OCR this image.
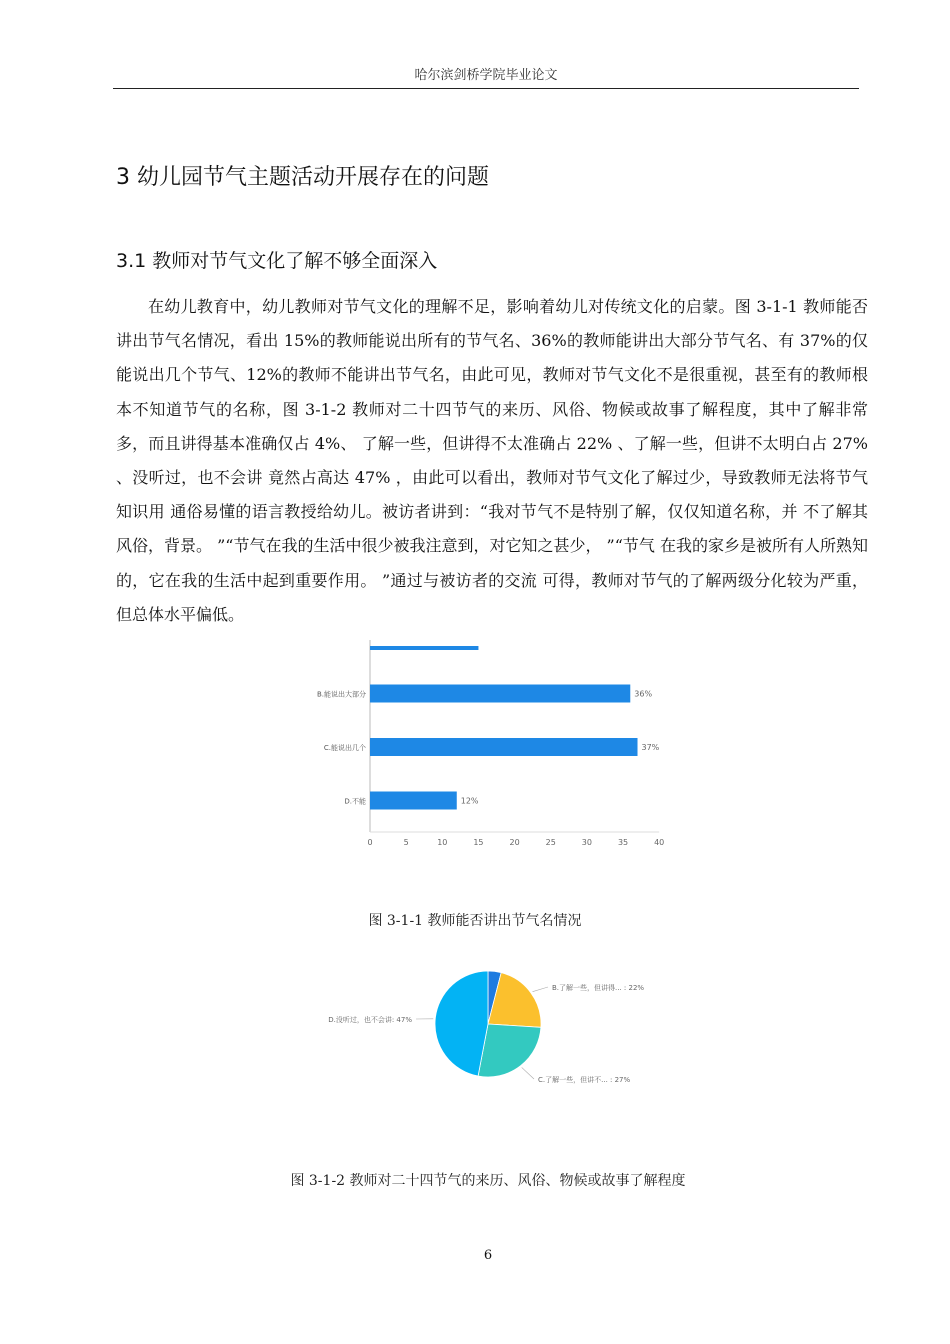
哈尔滨剑桥学院毕业论文
3 幼儿园节气主题活动开展存在的问题
3.1 教师对节气文化了解不够全面深入

在幼儿教育中，幼儿教师对节气文化的理解不足，影响着幼儿对传统文化的启蒙。图 3-1-1 教师能否讲出节气名情况，看出 15%的教师能说出所有的节气名、36%的教师能讲出大部分节气名、有 37%的仅能说出几个节气、12%的教师不能讲出节气名，由此可见，教师对节气文化不是很重视，甚至有的教师根本不知道节气的名称，图 3-1-2 教师对二十四节气的来历、风俗、物候或故事了解程度，其中了解非常多，而且讲得基本准确仅占 4%、 了解一些，但讲得不太准确占 22% 、了解一些，但讲不太明白占 27% 、没听过，也不会讲 竟然占高达 47% ，由此可以看出，教师对节气文化了解过少，导致教师无法将节气知识用 通俗易懂的语言教授给幼儿。被访者讲到：“我对节气不是特别了解，仅仅知道名称，并 不了解其风俗，背景。 ”“节气在我的生活中很少被我注意到，对它知之甚少， ”“节气 在我的家乡是被所有人所熟知的，它在我的生活中起到重要作用。 ”通过与被访者的交流 可得，教师对节气的了解两级分化较为严重，但总体水平偏低。

0	5	10	15	20	25	30	35	40
B.能说出大部分	36%
C.能说出几个	37%
D.不能	12%
图 3-1-1 教师能否讲出节气名情况
B.了解一些，但讲得... : 22%
C.了解一些，但讲不... : 27%
D.没听过，也不会讲: 47%
图 3-1-2 教师对二十四节气的来历、风俗、物候或故事了解程度
6
